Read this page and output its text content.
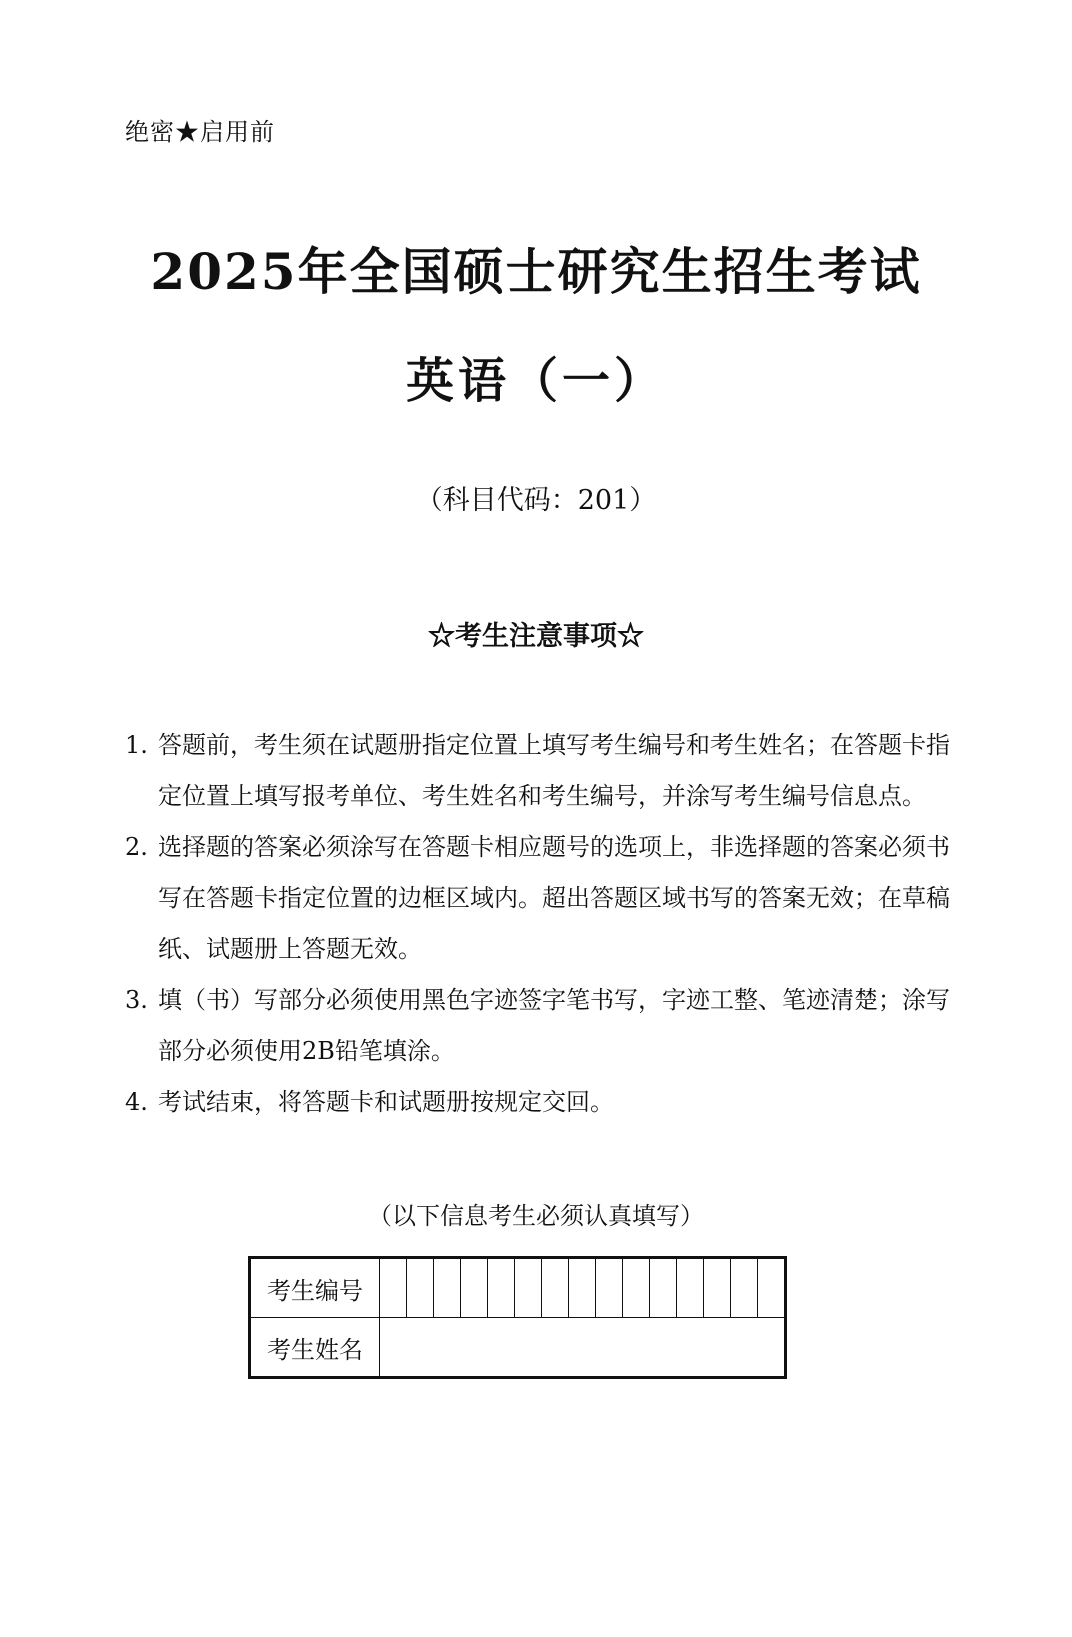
绝密★启用前
2025年全国硕士研究生招生考试
英语（一）
（科目代码：201）
☆考生注意事项☆

1. 答题前，考生须在试题册指定位置上填写考生编号和考生姓名；在答题卡指定位置上填写报考单位、考生姓名和考生编号，并涂写考生编号信息点。

2. 选择题的答案必须涂写在答题卡相应题号的选项上，非选择题的答案必须书写在答题卡指定位置的边框区域内。超出答题区域书写的答案无效；在草稿纸、试题册上答题无效。

3. 填（书）写部分必须使用黑色字迹签字笔书写，字迹工整、笔迹清楚；涂写部分必须使用2B铅笔填涂。

4. 考试结束，将答题卡和试题册按规定交回。

（以下信息考生必须认真填写）
考生编号															
考生姓名															
